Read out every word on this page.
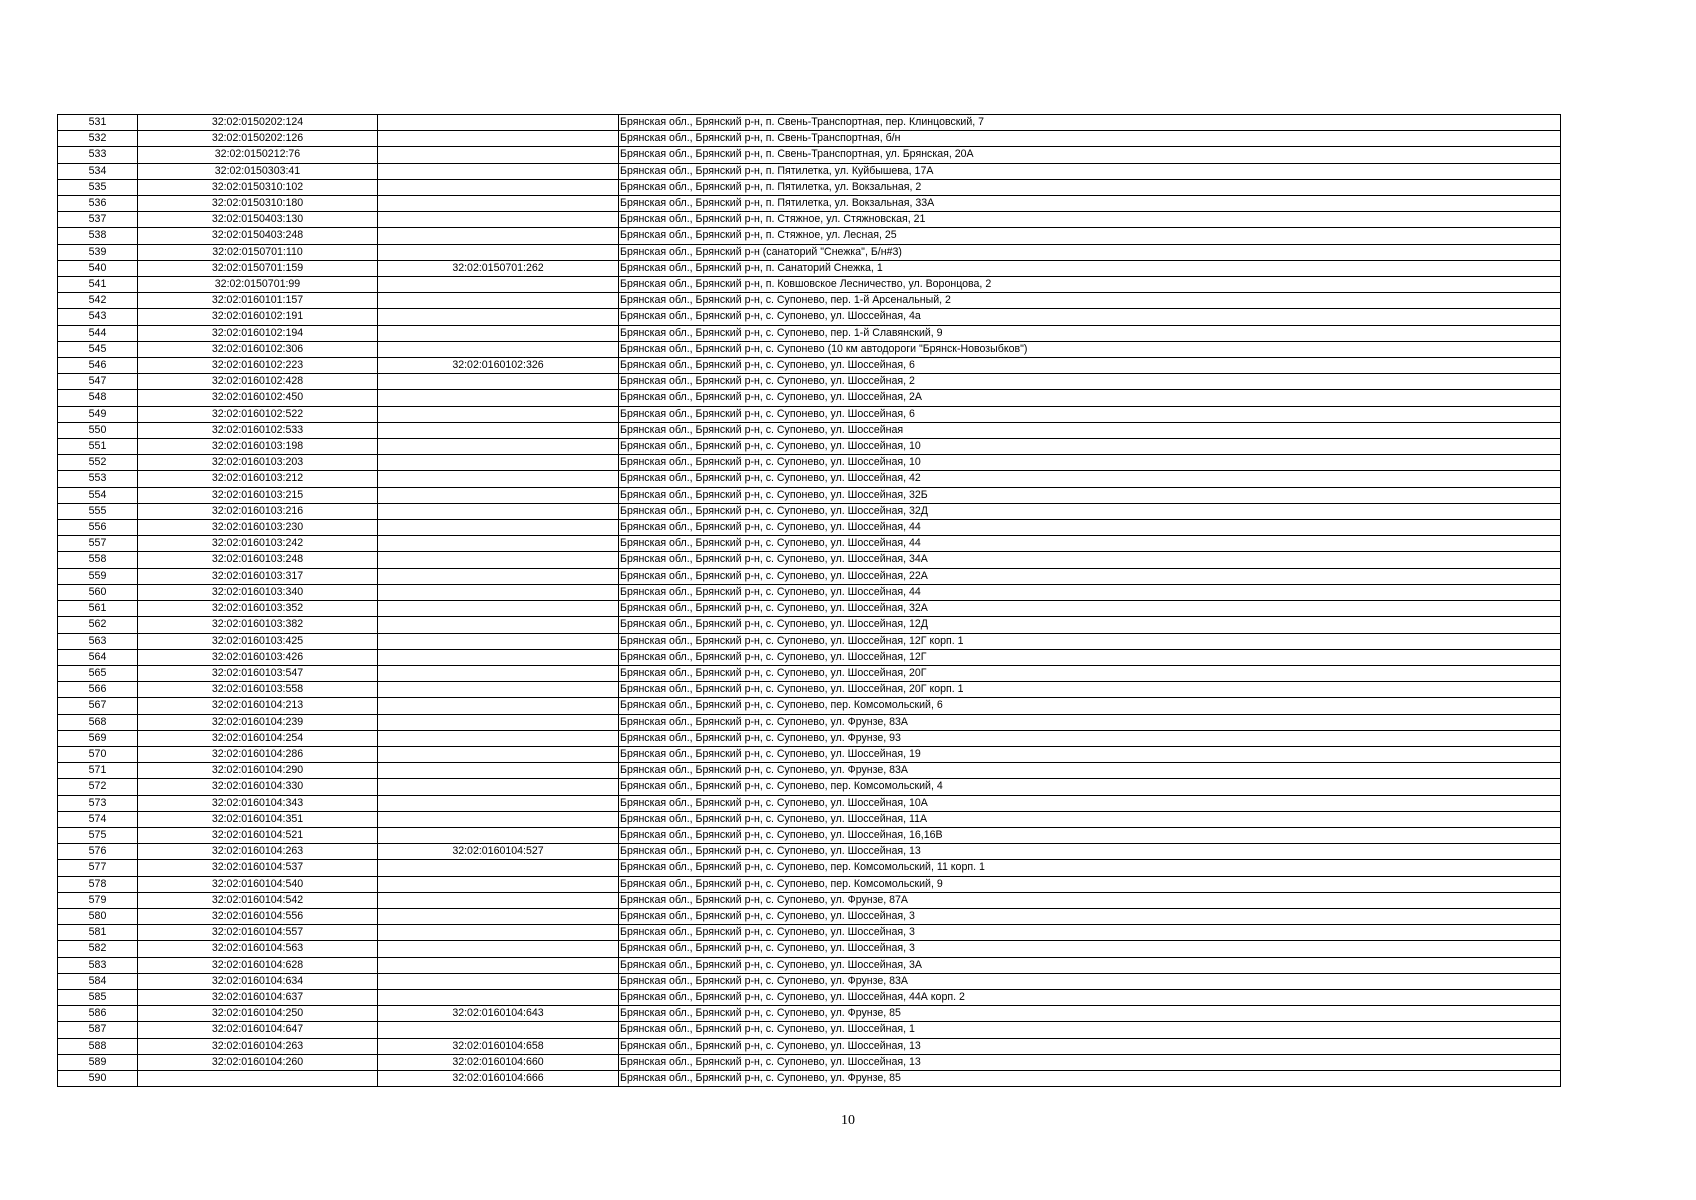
531	32:02:0150202:124		Брянская обл., Брянский р-н, п. Свень-Транспортная, пер. Клинцовский, 7
532	32:02:0150202:126		Брянская обл., Брянский р-н, п. Свень-Транспортная, б/н
533	32:02:0150212:76		Брянская обл., Брянский р-н, п. Свень-Транспортная, ул. Брянская, 20А
534	32:02:0150303:41		Брянская обл., Брянский р-н, п. Пятилетка, ул. Куйбышева, 17А
535	32:02:0150310:102		Брянская обл., Брянский р-н, п. Пятилетка, ул. Вокзальная, 2
536	32:02:0150310:180		Брянская обл., Брянский р-н, п. Пятилетка, ул. Вокзальная, 33А
537	32:02:0150403:130		Брянская обл., Брянский р-н, п. Стяжное, ул. Стяжновская, 21
538	32:02:0150403:248		Брянская обл., Брянский р-н, п. Стяжное, ул. Лесная, 25
539	32:02:0150701:110		Брянская обл., Брянский р-н (санаторий "Снежка", Б/н#3)
540	32:02:0150701:159	32:02:0150701:262	Брянская обл., Брянский р-н, п. Санаторий Снежка, 1
541	32:02:0150701:99		Брянская обл., Брянский р-н, п. Ковшовское Лесничество, ул. Воронцова, 2
542	32:02:0160101:157		Брянская обл., Брянский р-н, с. Супонево, пер. 1-й Арсенальный, 2
543	32:02:0160102:191		Брянская обл., Брянский р-н, с. Супонево, ул. Шоссейная, 4а
544	32:02:0160102:194		Брянская обл., Брянский р-н, с. Супонево, пер. 1-й Славянский, 9
545	32:02:0160102:306		Брянская обл., Брянский р-н, с. Супонево (10 км автодороги "Брянск-Новозыбков")
546	32:02:0160102:223	32:02:0160102:326	Брянская обл., Брянский р-н, с. Супонево, ул. Шоссейная, 6
547	32:02:0160102:428		Брянская обл., Брянский р-н, с. Супонево, ул. Шоссейная, 2
548	32:02:0160102:450		Брянская обл., Брянский р-н, с. Супонево, ул. Шоссейная, 2А
549	32:02:0160102:522		Брянская обл., Брянский р-н, с. Супонево, ул. Шоссейная, 6
550	32:02:0160102:533		Брянская обл., Брянский р-н, с. Супонево, ул. Шоссейная
551	32:02:0160103:198		Брянская обл., Брянский р-н, с. Супонево, ул. Шоссейная, 10
552	32:02:0160103:203		Брянская обл., Брянский р-н, с. Супонево, ул. Шоссейная, 10
553	32:02:0160103:212		Брянская обл., Брянский р-н, с. Супонево, ул. Шоссейная, 42
554	32:02:0160103:215		Брянская обл., Брянский р-н, с. Супонево, ул. Шоссейная, 32Б
555	32:02:0160103:216		Брянская обл., Брянский р-н, с. Супонево, ул. Шоссейная, 32Д
556	32:02:0160103:230		Брянская обл., Брянский р-н, с. Супонево, ул. Шоссейная, 44
557	32:02:0160103:242		Брянская обл., Брянский р-н, с. Супонево, ул. Шоссейная, 44
558	32:02:0160103:248		Брянская обл., Брянский р-н, с. Супонево, ул. Шоссейная, 34А
559	32:02:0160103:317		Брянская обл., Брянский р-н, с. Супонево, ул. Шоссейная, 22А
560	32:02:0160103:340		Брянская обл., Брянский р-н, с. Супонево, ул. Шоссейная, 44
561	32:02:0160103:352		Брянская обл., Брянский р-н, с. Супонево, ул. Шоссейная, 32А
562	32:02:0160103:382		Брянская обл., Брянский р-н, с. Супонево, ул. Шоссейная, 12Д
563	32:02:0160103:425		Брянская обл., Брянский р-н, с. Супонево, ул. Шоссейная, 12Г корп. 1
564	32:02:0160103:426		Брянская обл., Брянский р-н, с. Супонево, ул. Шоссейная, 12Г
565	32:02:0160103:547		Брянская обл., Брянский р-н, с. Супонево, ул. Шоссейная, 20Г
566	32:02:0160103:558		Брянская обл., Брянский р-н, с. Супонево, ул. Шоссейная, 20Г корп. 1
567	32:02:0160104:213		Брянская обл., Брянский р-н, с. Супонево, пер. Комсомольский, 6
568	32:02:0160104:239		Брянская обл., Брянский р-н, с. Супонево, ул. Фрунзе, 83А
569	32:02:0160104:254		Брянская обл., Брянский р-н, с. Супонево, ул. Фрунзе, 93
570	32:02:0160104:286		Брянская обл., Брянский р-н, с. Супонево, ул. Шоссейная, 19
571	32:02:0160104:290		Брянская обл., Брянский р-н, с. Супонево, ул. Фрунзе, 83А
572	32:02:0160104:330		Брянская обл., Брянский р-н, с. Супонево, пер. Комсомольский, 4
573	32:02:0160104:343		Брянская обл., Брянский р-н, с. Супонево, ул. Шоссейная, 10А
574	32:02:0160104:351		Брянская обл., Брянский р-н, с. Супонево, ул. Шоссейная, 11А
575	32:02:0160104:521		Брянская обл., Брянский р-н, с. Супонево, ул. Шоссейная, 16,16В
576	32:02:0160104:263	32:02:0160104:527	Брянская обл., Брянский р-н, с. Супонево, ул. Шоссейная, 13
577	32:02:0160104:537		Брянская обл., Брянский р-н, с. Супонево, пер. Комсомольский, 11 корп. 1
578	32:02:0160104:540		Брянская обл., Брянский р-н, с. Супонево, пер. Комсомольский, 9
579	32:02:0160104:542		Брянская обл., Брянский р-н, с. Супонево, ул. Фрунзе, 87А
580	32:02:0160104:556		Брянская обл., Брянский р-н, с. Супонево, ул. Шоссейная, 3
581	32:02:0160104:557		Брянская обл., Брянский р-н, с. Супонево, ул. Шоссейная, 3
582	32:02:0160104:563		Брянская обл., Брянский р-н, с. Супонево, ул. Шоссейная, 3
583	32:02:0160104:628		Брянская обл., Брянский р-н, с. Супонево, ул. Шоссейная, 3А
584	32:02:0160104:634		Брянская обл., Брянский р-н, с. Супонево, ул. Фрунзе, 83А
585	32:02:0160104:637		Брянская обл., Брянский р-н, с. Супонево, ул. Шоссейная, 44А корп. 2
586	32:02:0160104:250	32:02:0160104:643	Брянская обл., Брянский р-н, с. Супонево, ул. Фрунзе, 85
587	32:02:0160104:647		Брянская обл., Брянский р-н, с. Супонево, ул. Шоссейная, 1
588	32:02:0160104:263	32:02:0160104:658	Брянская обл., Брянский р-н, с. Супонево, ул. Шоссейная, 13
589	32:02:0160104:260	32:02:0160104:660	Брянская обл., Брянский р-н, с. Супонево, ул. Шоссейная, 13
590		32:02:0160104:666	Брянская обл., Брянский р-н, с. Супонево, ул. Фрунзе, 85
10
